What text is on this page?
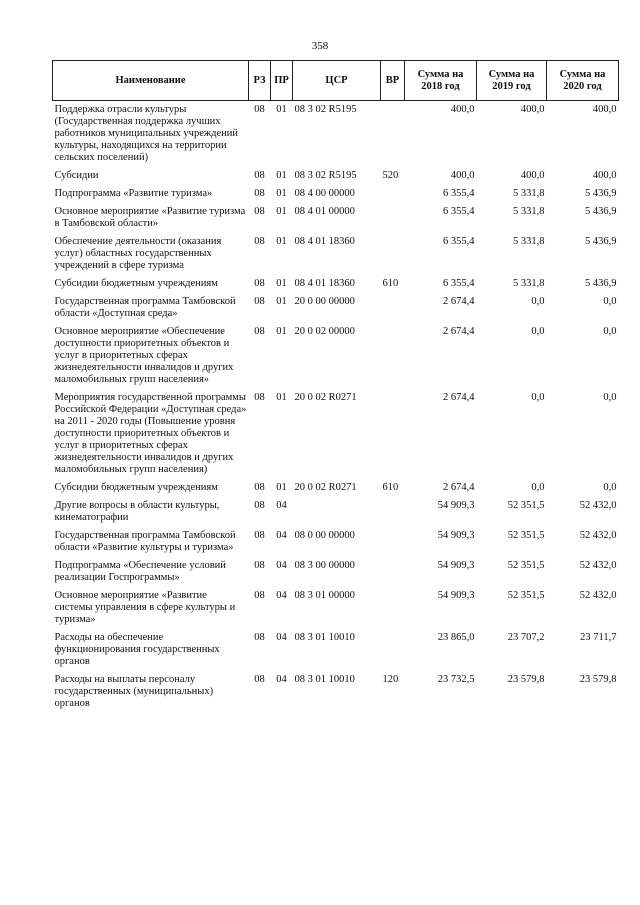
358
Наименование	РЗ	ПР	ЦСР	ВР	Сумма на 2018 год	Сумма на 2019 год	Сумма на 2020 год
Поддержка отрасли культуры (Государственная поддержка лучших работников муниципальных учреждений культуры, находящихся на территории сельских поселений)	08	01	08 3 02 R5195		400,0	400,0	400,0
Субсидии	08	01	08 3 02 R5195	520	400,0	400,0	400,0
Подпрограмма «Развитие туризма»	08	01	08 4 00 00000		6 355,4	5 331,8	5 436,9
Основное мероприятие «Развитие туризма в Тамбовской области»	08	01	08 4 01 00000		6 355,4	5 331,8	5 436,9
Обеспечение деятельности (оказания услуг) областных государственных учреждений в сфере туризма	08	01	08 4 01 18360		6 355,4	5 331,8	5 436,9
Субсидии бюджетным учреждениям	08	01	08 4 01 18360	610	6 355,4	5 331,8	5 436,9
Государственная программа Тамбовской области «Доступная среда»	08	01	20 0 00 00000		2 674,4	0,0	0,0
Основное мероприятие «Обеспечение доступности приоритетных объектов и услуг в приоритетных сферах жизнедеятельности инвалидов и других маломобильных групп населения»	08	01	20 0 02 00000		2 674,4	0,0	0,0
Мероприятия государственной программы Российской Федерации «Доступная среда» на 2011 - 2020 годы (Повышение уровня доступности приоритетных объектов и услуг в приоритетных сферах жизнедеятельности инвалидов и других маломобильных групп населения)	08	01	20 0 02 R0271		2 674,4	0,0	0,0
Субсидии бюджетным учреждениям	08	01	20 0 02 R0271	610	2 674,4	0,0	0,0
Другие вопросы в области культуры, кинематографии	08	04			54 909,3	52 351,5	52 432,0
Государственная программа Тамбовской области «Развитие культуры и туризма»	08	04	08 0 00 00000		54 909,3	52 351,5	52 432,0
Подпрограмма «Обеспечение условий реализации Госпрограммы»	08	04	08 3 00 00000		54 909,3	52 351,5	52 432,0
Основное мероприятие «Развитие системы управления в сфере культуры и туризма»	08	04	08 3 01 00000		54 909,3	52 351,5	52 432,0
Расходы на обеспечение функционирования государственных органов	08	04	08 3 01 10010		23 865,0	23 707,2	23 711,7
Расходы на выплаты персоналу государственных (муниципальных) органов	08	04	08 3 01 10010	120	23 732,5	23 579,8	23 579,8
